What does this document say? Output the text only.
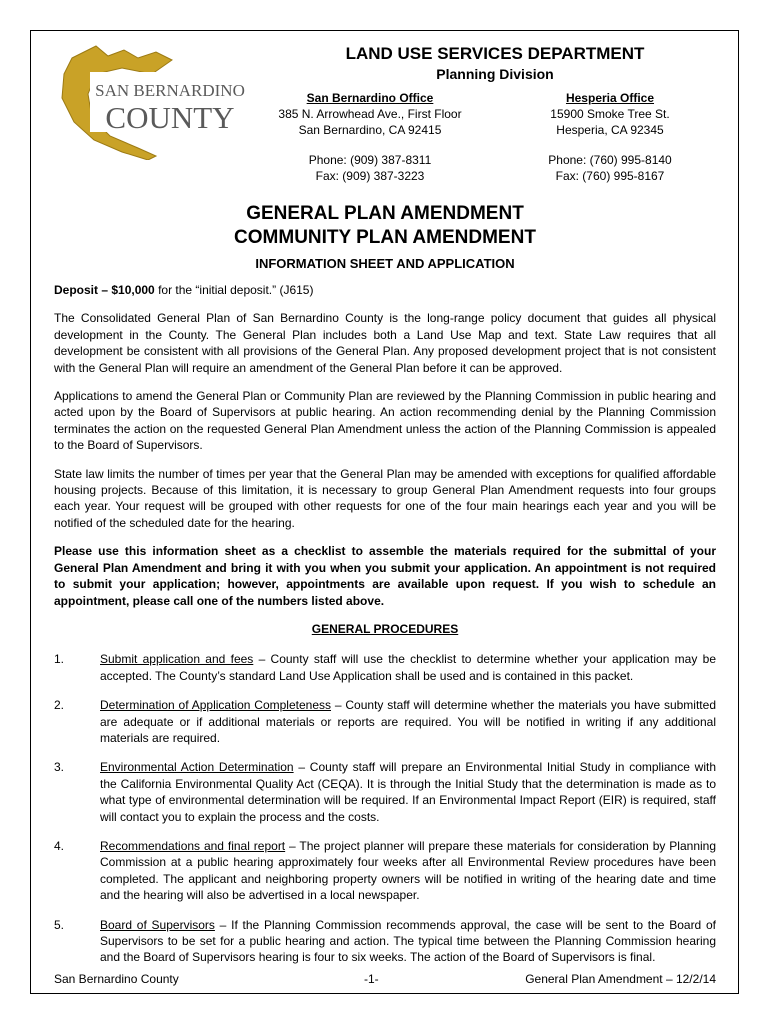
SAN BERNARDINO
COUNTY
LAND USE SERVICES DEPARTMENT
Planning Division
San Bernardino Office
385 N. Arrowhead Ave., First Floor
San Bernardino, CA 92415
Phone: (909) 387-8311
Fax: (909) 387-3223
Hesperia Office
15900 Smoke Tree St.
Hesperia, CA 92345
Phone: (760) 995-8140
Fax: (760) 995-8167
GENERAL PLAN AMENDMENT
COMMUNITY PLAN AMENDMENT
INFORMATION SHEET AND APPLICATION

Deposit – $10,000 for the “initial deposit.” (J615)

The Consolidated General Plan of San Bernardino County is the long-range policy document that guides all physical development in the County. The General Plan includes both a Land Use Map and text. State Law requires that all development be consistent with all provisions of the General Plan. Any proposed development project that is not consistent with the General Plan will require an amendment of the General Plan before it can be approved.

Applications to amend the General Plan or Community Plan are reviewed by the Planning Commission in public hearing and acted upon by the Board of Supervisors at public hearing. An action recommending denial by the Planning Commission terminates the action on the requested General Plan Amendment unless the action of the Planning Commission is appealed to the Board of Supervisors.

State law limits the number of times per year that the General Plan may be amended with exceptions for qualified affordable housing projects. Because of this limitation, it is necessary to group General Plan Amendment requests into four groups each year. Your request will be grouped with other requests for one of the four main hearings each year and you will be notified of the scheduled date for the hearing.

Please use this information sheet as a checklist to assemble the materials required for the submittal of your General Plan Amendment and bring it with you when you submit your application. An appointment is not required to submit your application; however, appointments are available upon request. If you wish to schedule an appointment, please call one of the numbers listed above.

GENERAL PROCEDURES
1.	Submit application and fees – County staff will use the checklist to determine whether your application may be accepted. The County’s standard Land Use Application shall be used and is contained in this packet.
2.	Determination of Application Completeness – County staff will determine whether the materials you have submitted are adequate or if additional materials or reports are required. You will be notified in writing if any additional materials are required.
3.	Environmental Action Determination – County staff will prepare an Environmental Initial Study in compliance with the California Environmental Quality Act (CEQA). It is through the Initial Study that the determination is made as to what type of environmental determination will be required. If an Environmental Impact Report (EIR) is required, staff will contact you to explain the process and the costs.
4.	Recommendations and final report – The project planner will prepare these materials for consideration by Planning Commission at a public hearing approximately four weeks after all Environmental Review procedures have been completed. The applicant and neighboring property owners will be notified in writing of the hearing date and time and the hearing will also be advertised in a local newspaper.
5.	Board of Supervisors – If the Planning Commission recommends approval, the case will be sent to the Board of Supervisors to be set for a public hearing and action. The typical time between the Planning Commission hearing and the Board of Supervisors hearing is four to six weeks. The action of the Board of Supervisors is final.
San Bernardino County	-1-	General Plan Amendment – 12/2/14
